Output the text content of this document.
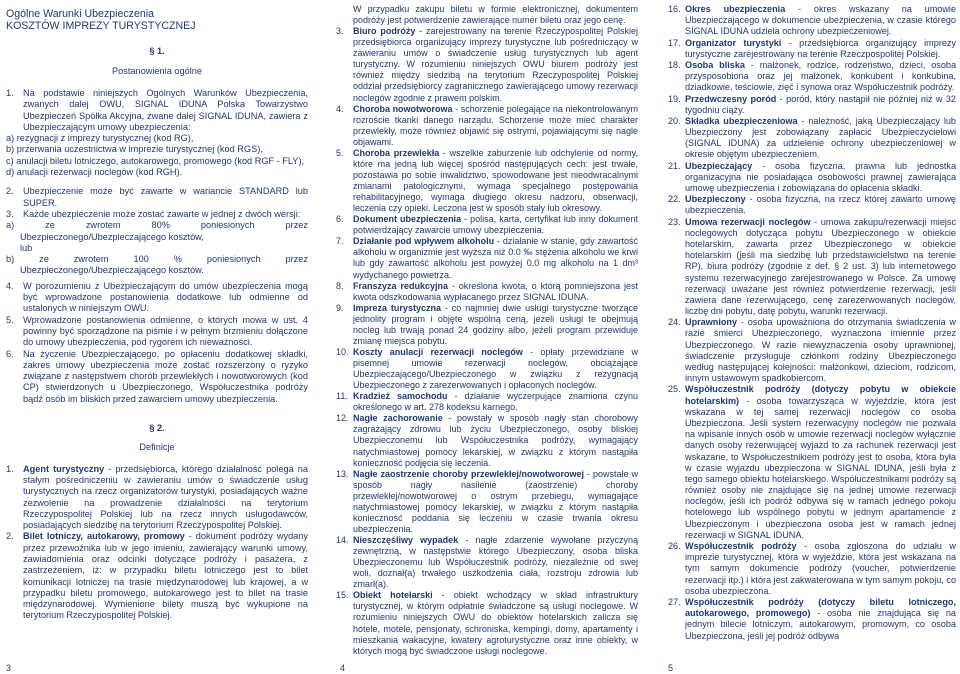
Ogólne Warunki Ubezpieczenia
KOSZTÓW IMPREZY TURYSTYCZNEJ

§ 1.

Postanowienia ogólne

1.	Na podstawie niniejszych Ogólnych Warunków Ubezpieczenia, zwanych dalej OWU, SIGNAL IDUNA Polska Towarzystwo Ubezpieczeń Spółka Akcyjna, zwane dalej SIGNAL IDUNA, zawiera z Ubezpieczającym umowy ubezpieczenia:

a) rezygnacji z imprezy turystycznej (kod RG),

b) przerwania uczestnictwa w imprezie turystycznej (kod RGS),

c) anulacji biletu lotniczego, autokarowego, promowego (kod RGF - FLY),

d) anulacji rezerwacji noclegów (kod RGH).

2.	Ubezpieczenie może być zawarte w wariancie STANDARD lub SUPER.
3.	Każde ubezpieczenie może zostać zawarte w jednej z dwóch wersji:

a) ze zwrotem 80% poniesionych przez Ubezpieczonego/Ubezpieczającego kosztów,

lub

b) ze zwrotem 100 % poniesionych przez Ubezpieczonego/Ubezpieczającego kosztów.

4.	W porozumieniu z Ubezpieczającym do umów ubezpieczenia mogą być wprowadzone postanowienia dodatkowe lub odmienne od ustalonych w niniejszym OWU.
5.	Wprowadzone postanowienia odmienne, o których mowa w ust. 4 powinny być sporządzone na piśmie i w pełnym brzmieniu dołączone do umowy ubezpieczenia, pod rygorem ich nieważności.
6.	Na życzenie Ubezpieczającego, po opłaceniu dodatkowej składki, zakres umowy ubezpieczenia może zostać rozszerzony o ryzyko związane z następstwem chorób przewlekłych i nowotworowych (kod CP) stwierdzonych u Ubezpieczonego, Współuczestnika podróży bądź osób im bliskich przed zawarciem umowy ubezpieczenia.

§ 2.

Definicje

1.	Agent turystyczny - przedsiębiorca, którego działalność polega na stałym pośredniczeniu w zawieraniu umów o świadczenie usług turystycznych na rzecz organizatorów turystyki, posiadających ważne zezwolenie na prowadzenie działalności na terytorium Rzeczypospolitej Polskiej lub na rzecz innych usługodawców, posiadających siedzibę na terytorium Rzeczypospolitej Polskiej.
2.	Bilet lotniczy, autokarowy, promowy - dokument podróży wydany przez przewoźnika lub w jego imieniu, zawierający warunki umowy, zawiadomienia oraz odcinki dotyczące podróży i pasażera, z zastrzeżeniem, iż: w przypadku biletu lotniczego jest to bilet komunikacji lotniczej na trasie międzynarodowej lub krajowej, a w przypadku biletu promowego, autokarowego jest to bilet na trasie międzynarodowej. Wymienione bilety muszą być wykupione na terytorium Rzeczypospolitej Polskiej.
W przypadku zakupu biletu w formie elektronicznej, dokumentem podróży jest potwierdzenie zawierające numer biletu oraz jego cenę.
3.	Biuro podróży - zarejestrowany na terenie Rzeczypospolitej Polskiej przedsiębiorca organizujący imprezy turystyczne lub pośredniczący w zawieraniu umów o świadczenie usług turystycznych lub agent turystyczny. W rozumieniu niniejszych OWU biurem podróży jest również między siedzibą na terytorium Rzeczypospolitej Polskiej oddział przedsiębiorcy zagranicznego zawierającego umowy rezerwacji noclegów zgodnie z prawem polskim.
4.	Choroba nowotworowa - schorzenie polegające na niekontrolowanym rozroście tkanki danego narządu. Schorzenie może mieć charakter przewlekły, może również objawić się ostrymi, pojawiającymi się nagle objawami.
5.	Choroba przewlekła - wszelkie zaburzenie lub odchylenie od normy, które ma jedną lub więcej spośród następujących cech: jest trwałe, pozostawia po sobie inwalidztwo, spowodowane jest nieodwracalnymi zmianami patologicznymi, wymaga specjalnego postępowania rehabilitacyjnego, wymaga długiego okresu nadzoru, obserwacji, leczenia czy opieki. Leczona jest w sposób stały lub okresowy.
6.	Dokument ubezpieczenia - polisa, karta, certyfikat lub inny dokument potwierdzający zawarcie umowy ubezpieczenia.
7.	Działanie pod wpływem alkoholu - działanie w stanie, gdy zawartość alkoholu w organizmie jest wyższa niż 0.0 ‰ stężenia alkoholu we krwi lub gdy zawartość alkoholu jest powyżej 0.0 mg alkoholu na 1 dm³ wydychanego powietrza.
8.	Franszyza redukcyjna - określona kwota, o którą pomniejszona jest kwota odszkodowania wypłacanego przez SIGNAL IDUNA.
9.	Impreza turystyczna - co najmniej dwie usługi turystyczne tworzące jednolity program i objęte wspólną ceną, jeżeli usługi te obejmują nocleg lub trwają ponad 24 godziny albo, jeżeli program przewiduje zmianę miejsca pobytu.
10. Koszty anulacji rezerwacji noclegów - opłaty przewidziane w pisemnej umowie rezerwacji noclegów, obciążające Ubezpieczającego/Ubezpieczonego w związku z rezygnacją Ubezpieczonego z zarezerwowanych i opłaconych noclegów.
11. Kradzież samochodu - działanie wyczerpujące znamiona czynu określonego w art. 278 kodeksu karnego.
12. Nagłe zachorowanie - powstały w sposób nagły stan chorobowy zagrażający zdrowiu lub życiu Ubezpieczonego, osoby bliskiej Ubezpieczonemu lub Współuczestnika podróży, wymagający natychmiastowej pomocy lekarskiej, w związku z którym nastąpiła konieczność podjęcia się leczenia.
13. Nagłe zaostrzenie choroby przewlekłej/nowotworowej - powstałe w sposób nagły nasilenie (zaostrzenie) choroby przewlekłej/nowotworowej o ostrym przebiegu, wymagające natychmiastowej pomocy lekarskiej, w związku z którym nastąpiła konieczność poddania się leczeniu w czasie trwania okresu ubezpieczenia.
14. Nieszczęśliwy wypadek - nagłe zdarzenie wywołane przyczyną zewnętrzną, w następstwie którego Ubezpieczony, osoba bliska Ubezpieczonemu lub Współuczestnik podróży, niezależnie od swej woli, doznał(a) trwałego uszkodzenia ciała, rozstroju zdrowia lub zmarł(a).
15. Obiekt hotelarski - obiekt wchodzący w skład infrastruktury turystycznej, w którym odpłatnie świadczone są usługi noclegowe. W rozumieniu niniejszych OWU do obiektów hotelarskich zalicza się hotele, motele, pensjonaty, schroniska, kempingi, domy, apartamenty i mieszkania wakacyjne, kwatery agroturystyczne oraz inne obiekty, w których mogą być świadczone usługi noclegowe.
16. Okres ubezpieczenia - okres wskazany na umowie Ubezpieczającego w dokumencie ubezpieczenia, w czasie którego SIGNAL IDUNA udziela ochrony ubezpieczeniowej.
17. Organizator turystyki - przedsiębiorca organizujący imprezy turystyczne zarejestrowany na terenie Rzeczpospolitej Polskiej.
18. Osoba bliska - małżonek, rodzice, rodzeństwo, dzieci, osoba przysposobiona oraz jej małżonek, konkubent i konkubina, dziadkowie, teściowie, zięć i synowa oraz Współuczestnik podróży.
19. Przedwczesny poród - poród, który nastąpił nie później niż w 32 tygodniu ciąży.
20. Składka ubezpieczeniowa - należność, jaką Ubezpieczający lub Ubezpieczony jest zobowiązany zapłacić Ubezpieczycielowi (SIGNAL IDUNA) za udzielenie ochrony ubezpieczeniowej w okresie objętym ubezpieczeniem.
21. Ubezpieczający - osoba fizyczna, prawna lub jednostka organizacyjna nie posiadająca osobowości prawnej zawierająca umowę ubezpieczenia i zobowiązana do opłacenia składki.
22. Ubezpieczony - osoba fizyczna, na rzecz której zawarto umowę ubezpieczenia.
23. Umowa rezerwacji noclegów - umowa zakupu/rezerwacji miejsc noclegowych dotycząca pobytu Ubezpieczonego w obiekcie hotelarskim, zawarta przez Ubezpieczonego w obiekcie hotelarskim (jeśli ma siedzibę lub przedstawicielstwo na terenie RP), biura podróży (zgodnie z def. § 2 ust. 3) lub internetowego systemu rezerwacyjnego zarejestrowanego w Polsce. Za umowę rezerwacji uważane jest również potwierdzenie rezerwacji, jeśli zawiera dane rezerwującego, cenę zarezerwowanych noclegów, liczbę dni pobytu, datę pobytu, warunki rezerwacji.
24. Uprawniony - osoba upoważniona do otrzymania świadczenia w razie śmierci Ubezpieczonego, wyznaczona imiennie przez Ubezpieczonego. W razie niewyznaczenia osoby uprawnionej, świadczenie przysługuje członkom rodziny Ubezpieczonego według następującej kolejności: małżonkowi, dzieciom, rodzicom, innym ustawowym spadkobiercom.
25. Współuczestnik podróży (dotyczy pobytu w obiekcie hotelarskim) - osoba towarzysząca w wyjeździe, która jest wskazana w tej samej rezerwacji noclegów co osoba Ubezpieczona. Jeśli system rezerwacyjny noclegów nie pozwala na wpisanie innych osób w umowie rezerwacji noclegów wyłącznie danych osoby rezerwującej wyjazd to za rachunek rezerwacji jest wskazane, to Współuczestnikiem podróży jest to osoba, która była w czasie wyjazdu ubezpieczona w SIGNAL IDUNA, jeśli była z tego samego obiektu hotelarskiego. Współuczestnikami podróży są również osoby nie znajdujące się na jednej umowie rezerwacji noclegów, jeśli ich podróż odbywa się w ramach jednego pokoju hotelowego lub wspólnego pobytu w jednym apartamencie z Ubezpieczonym i ubezpieczona osoba jest w ramach jednej rezerwacji w SIGNAL IDUNA.
26. Współuczestnik podróży - osoba zgłoszona do udziału w imprezie turystycznej, która w wyjeździe, która jest wskazana na tym samym dokumencie podróży (voucher, potwierdzenie rezerwacji itp.) i która jest zakwaterowana w tym samym pokoju, co osoba ubezpieczona.
27. Współuczestnik podróży (dotyczy biletu lotniczego, autokarowego, promowego) - osoba nie znajdująca się na jednym bilecie lotniczym, autokarowym, promowym, co osoba Ubezpieczona, jeśli jej podróż odbywa
3	4	5
